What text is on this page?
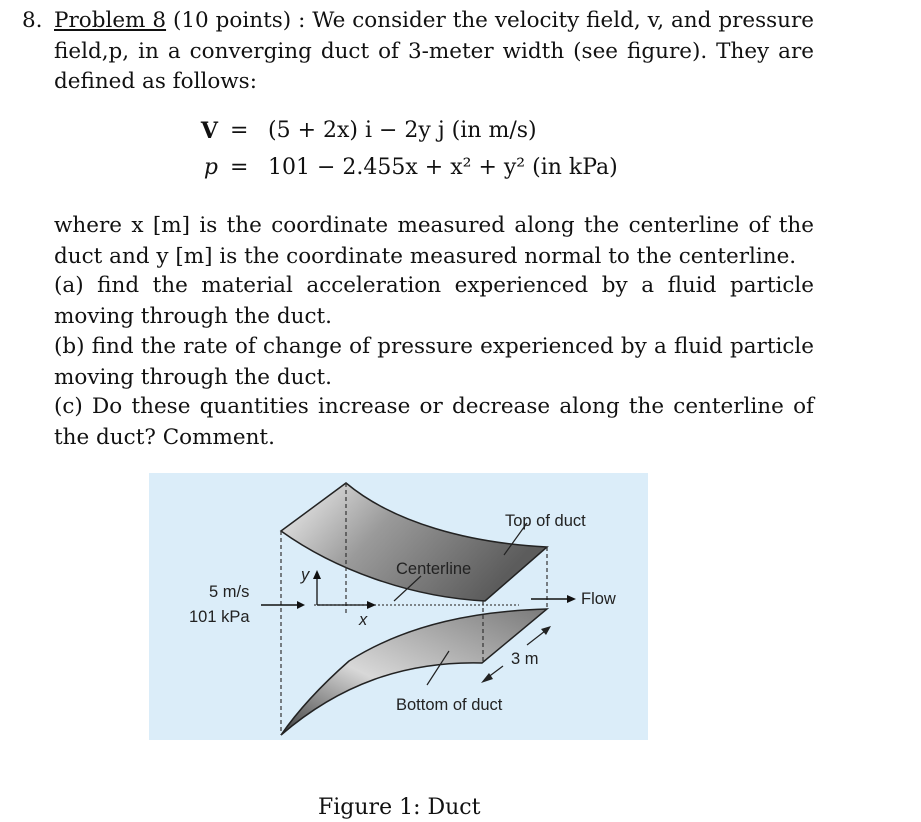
8. Problem 8 (10 points) : We consider the velocity field, v, and pressure field,p, in a converging duct of 3-meter width (see figure). They are defined as follows:
V = (5 + 2x) i − 2y j (in m/s)
p = 101 − 2.455x + x² + y² (in kPa)
where x [m] is the coordinate measured along the centerline of the duct and y [m] is the coordinate measured normal to the centerline.
(a) find the material acceleration experienced by a fluid particle moving through the duct.
(b) find the rate of change of pressure experienced by a fluid particle moving through the duct.
(c) Do these quantities increase or decrease along the centerline of the duct? Comment.
5 m/s
101 kPa
Top of duct
Centerline
Flow
3 m
Bottom of duct
y
x
Figure 1: Duct
